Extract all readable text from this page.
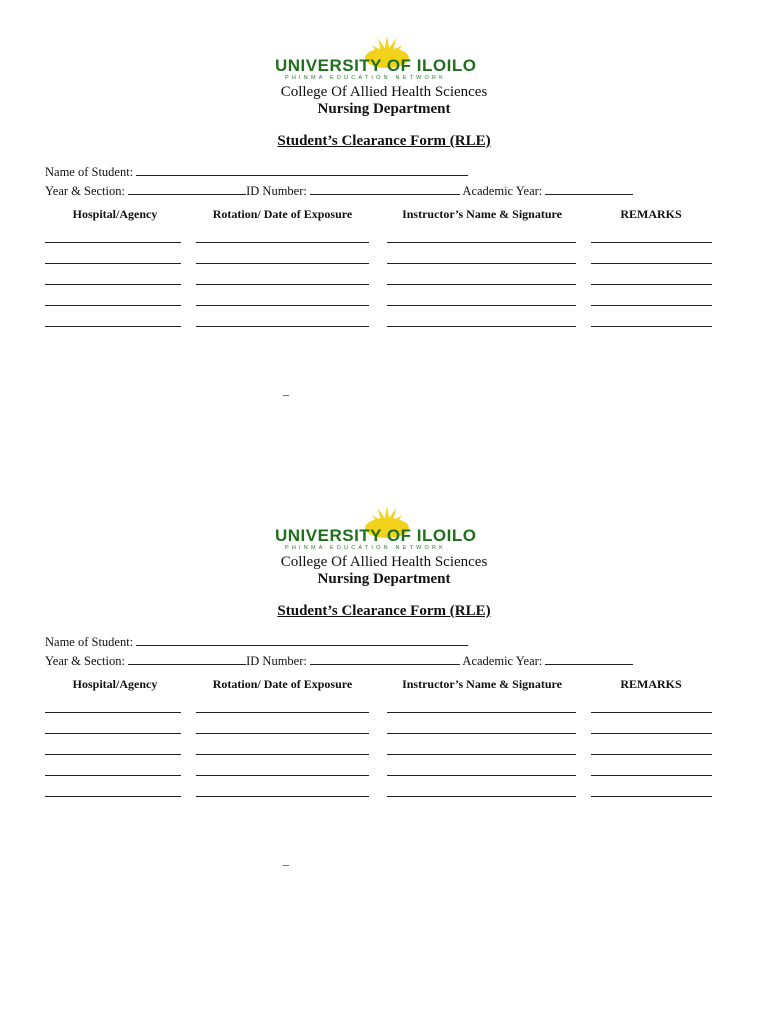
UNIVERSITY OF ILOILO
PHINMA EDUCATION NETWORK
College Of Allied Health Sciences
Nursing Department
Student’s Clearance Form (RLE)
Name of Student:
Year & Section:	ID Number:	Academic Year:
Hospital/Agency	Rotation/ Date of Exposure	Instructor’s Name & Signature	REMARKS
_
UNIVERSITY OF ILOILO
PHINMA EDUCATION NETWORK
College Of Allied Health Sciences
Nursing Department
Student’s Clearance Form (RLE)
Name of Student:
Year & Section:	ID Number:	Academic Year:
Hospital/Agency	Rotation/ Date of Exposure	Instructor’s Name & Signature	REMARKS
_
